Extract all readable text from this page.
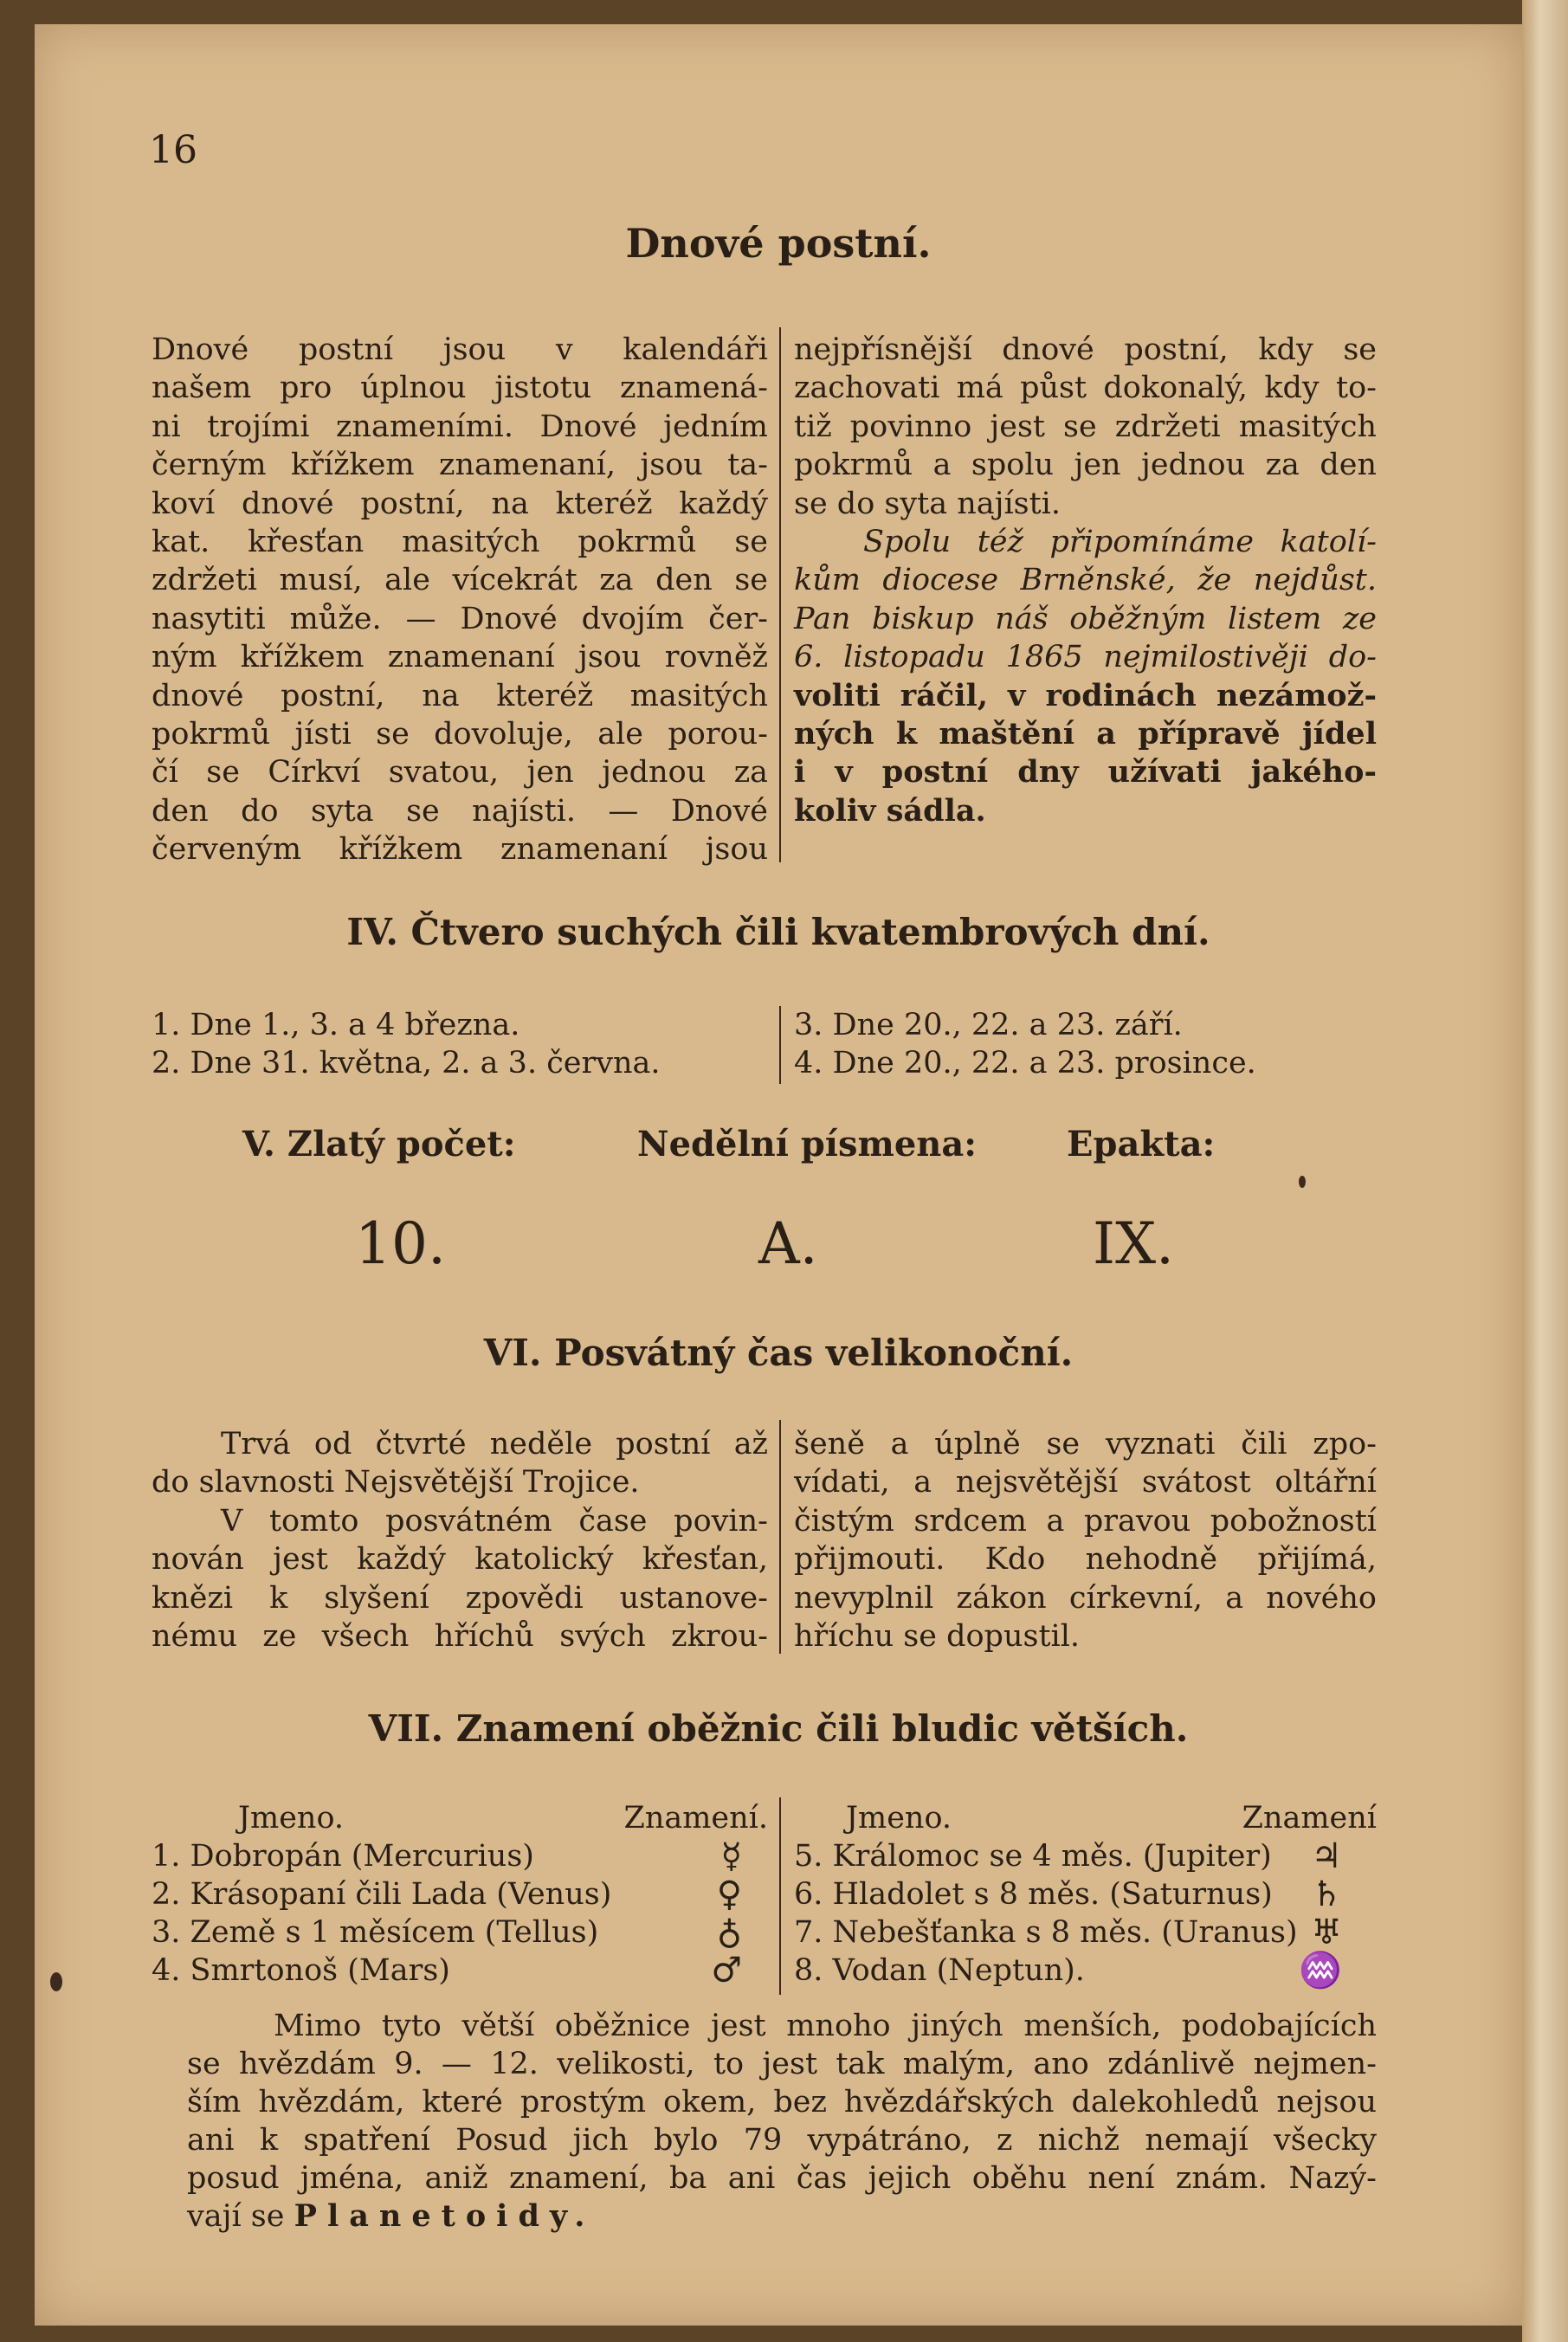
16
Dnové postní.
Dnové postní jsou v kalendáři
našem pro úplnou jistotu znamená-
ni trojími znameními. Dnové jedním
černým křížkem znamenaní, jsou ta-
koví dnové postní, na kteréž každý
kat. křesťan masitých pokrmů se
zdržeti musí, ale vícekrát za den se
nasytiti může. — Dnové dvojím čer-
ným křížkem znamenaní jsou rovněž
dnové postní, na kteréž masitých
pokrmů jísti se dovoluje, ale porou-
čí se Církví svatou, jen jednou za
den do syta se najísti. — Dnové
červeným křížkem znamenaní jsou
nejpřísnější dnové postní, kdy se
zachovati má půst dokonalý, kdy to-
tiž povinno jest se zdržeti masitých
pokrmů a spolu jen jednou za den
se do syta najísti.
Spolu též připomínáme katolí-
kům diocese Brněnské, že nejdůst.
Pan biskup náš oběžným listem ze
6. listopadu 1865 nejmilostivěji do-
voliti ráčil, v rodinách nezámož-
ných k maštění a přípravě jídel
i v postní dny užívati jakého-
koliv sádla.
IV. Čtvero suchých čili kvatembrových dní.
1. Dne 1., 3. a 4 března.
2. Dne 31. května, 2. a 3. června.
3. Dne 20., 22. a 23. září.
4. Dne 20., 22. a 23. prosince.
V. Zlatý počet:	Nedělní písmena:	Epakta:
10.	A.	IX.
VI. Posvátný čas velikonoční.
Trvá od čtvrté neděle postní až
do slavnosti Nejsvětější Trojice.
V tomto posvátném čase povin-
nován jest každý katolický křesťan,
knězi k slyšení zpovědi ustanove-
nému ze všech hříchů svých zkrou-
šeně a úplně se vyznati čili zpo-
vídati, a nejsvětější svátost oltářní
čistým srdcem a pravou pobožností
přijmouti. Kdo nehodně přijímá,
nevyplnil zákon církevní, a nového
hříchu se dopustil.
VII. Znamení oběžnic čili bludic větších.
Jmeno.	Znamení.
1. Dobropán (Mercurius)	☿
2. Krásopaní čili Lada (Venus)	♀
3. Země s 1 měsícem (Tellus)	♁
4. Smrtonoš (Mars)	♂
Jmeno.	Znamení
5. Králomoc se 4 měs. (Jupiter) ♃
6. Hladolet s 8 měs. (Saturnus) ♄
7. Nebešťanka s 8 měs. (Uranus) ♅
8. Vodan (Neptun).	♒
Mimo tyto větší oběžnice jest mnoho jiných menších, podobajících
se hvězdám 9. — 12. velikosti, to jest tak malým, ano zdánlivě nejmen-
ším hvězdám, které prostým okem, bez hvězdářských dalekohledů nejsou
ani k spatření Posud jich bylo 79 vypátráno, z nichž nemají všecky
posud jména, aniž znamení, ba ani čas jejich oběhu není znám. Nazý-
vají se Planetoidy.
